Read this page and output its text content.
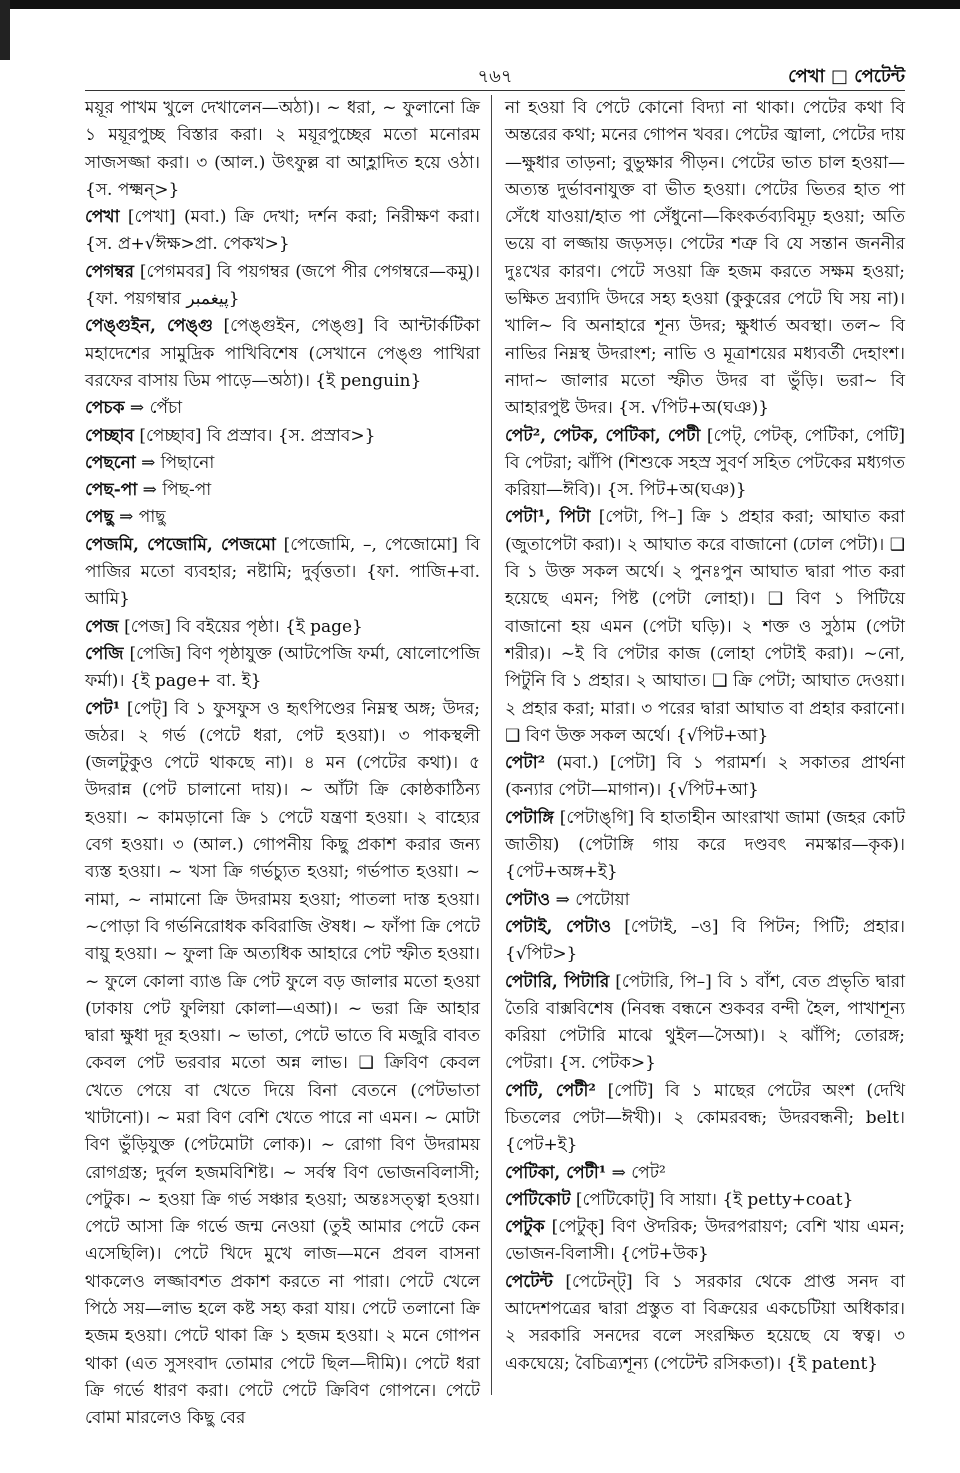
৭৬৭	পেখা □ পেটেন্ট

ময়ূর পাখম খুলে দেখালেন—অঠা)। ~ ধরা, ~ ফুলানো ক্রি ১ ময়ূরপুচ্ছ বিস্তার করা। ২ ময়ূরপুচ্ছের মতো মনোরম সাজসজ্জা করা। ৩ (আল.) উৎফুল্ল বা আহ্লাদিত হয়ে ওঠা। {স. পক্ষ্মন্>}

পেখা [পেখা] (মবা.) ক্রি দেখা; দর্শন করা; নিরীক্ষণ করা। {স. প্র+√ঈক্ষ>প্রা. পেকখ>}

পেগম্বর [পেগমবর] বি পয়গম্বর (জপে পীর পেগম্বরে—কমু)। {ফা. পয়গম্বার پیغمبر}

পেঙ্গুইন, পেঙ্গু [পেঙ্‌গুইন, পেঙ্‌গু] বি আন্টার্কটিকা মহাদেশের সামুদ্রিক পাখিবিশেষ (সেখানে পেঙ্গু পাখিরা বরফের বাসায় ডিম পাড়ে—অঠা)। {ই penguin}

পেচক ⇒ পেঁচা

পেচ্ছাব [পেচ্ছাব] বি প্রস্রাব। {স. প্রস্রাব>}

পেছনো ⇒ পিছানো

পেছ-পা ⇒ পিছ-পা

পেছু ⇒ পাছু

পেজমি, পেজোমি, পেজমো [পেজোমি, –, পেজোমো] বি পাজির মতো ব্যবহার; নষ্টামি; দুর্বৃত্ততা। {ফা. পাজি+বা. আমি}

পেজ [পেজ] বি বইয়ের পৃষ্ঠা। {ই page}

পেজি [পেজি] বিণ পৃষ্ঠাযুক্ত (আটপেজি ফর্মা, ষোলোপেজি ফর্মা)। {ই page+ বা. ই}

পেট¹ [পেট্] বি ১ ফুসফুস ও হৃৎপিণ্ডের নিম্নস্থ অঙ্গ; উদর; জঠর। ২ গর্ভ (পেটে ধরা, পেট হওয়া)। ৩ পাকস্থলী (জলটুকুও পেটে থাকছে না)। ৪ মন (পেটের কথা)। ৫ উদরান্ন (পেট চালানো দায়)। ~ আঁটা ক্রি কোষ্ঠকাঠিন্য হওয়া। ~ কামড়ানো ক্রি ১ পেটে যন্ত্রণা হওয়া। ২ বাহ্যের বেগ হওয়া। ৩ (আল.) গোপনীয় কিছু প্রকাশ করার জন্য ব্যস্ত হওয়া। ~ খসা ক্রি গর্ভচ্যুত হওয়া; গর্ভপাত হওয়া। ~ নামা, ~ নামানো ক্রি উদরাময় হওয়া; পাতলা দাস্ত হওয়া। ~পোড়া বি গর্ভনিরোধক কবিরাজি ঔষধ। ~ ফাঁপা ক্রি পেটে বায়ু হওয়া। ~ ফুলা ক্রি অত্যধিক আহারে পেট স্ফীত হওয়া। ~ ফুলে কোলা ব্যাঙ ক্রি পেট ফুলে বড় জালার মতো হওয়া (ঢাকায় পেট ফুলিয়া কোলা—এআ)। ~ ভরা ক্রি আহার দ্বারা ক্ষুধা দূর হওয়া। ~ ভাতা, পেটে ভাতে বি মজুরি বাবত কেবল পেট ভরবার মতো অন্ন লাভ। ❑ ক্রিবিণ কেবল খেতে পেয়ে বা খেতে দিয়ে বিনা বেতনে (পেটভাতা খাটানো)। ~ মরা বিণ বেশি খেতে পারে না এমন। ~ মোটা বিণ ভুঁড়িযুক্ত (পেটমোটা লোক)। ~ রোগা বিণ উদরাময় রোগগ্রস্ত; দুর্বল হজমবিশিষ্ট। ~ সর্বস্ব বিণ ভোজনবিলাসী; পেটুক। ~ হওয়া ক্রি গর্ভ সঞ্চার হওয়া; অন্তঃসত্ত্বা হওয়া। পেটে আসা ক্রি গর্ভে জন্ম নেওয়া (তুই আমার পেটে কেন এসেছিলি)। পেটে খিদে মুখে লাজ—মনে প্রবল বাসনা থাকলেও লজ্জাবশত প্রকাশ করতে না পারা। পেটে খেলে পিঠে সয়—লাভ হলে কষ্ট সহ্য করা যায়। পেটে তলানো ক্রি হজম হওয়া। পেটে থাকা ক্রি ১ হজম হওয়া। ২ মনে গোপন থাকা (এত সুসংবাদ তোমার পেটে ছিল—দীমি)। পেটে ধরা ক্রি গর্ভে ধারণ করা। পেটে পেটে ক্রিবিণ গোপনে। পেটে বোমা মারলেও কিছু বের

না হওয়া বি পেটে কোনো বিদ্যা না থাকা। পেটের কথা বি অন্তরের কথা; মনের গোপন খবর। পেটের জ্বালা, পেটের দায়—ক্ষুধার তাড়না; বুভুক্ষার পীড়ন। পেটের ভাত চাল হওয়া—অত্যন্ত দুর্ভাবনাযুক্ত বা ভীত হওয়া। পেটের ভিতর হাত পা সেঁধে যাওয়া/হাত পা সেঁধুনো—কিংকর্তব্যবিমূঢ় হওয়া; অতি ভয়ে বা লজ্জায় জড়সড়। পেটের শত্রু বি যে সন্তান জননীর দুঃখের কারণ। পেটে সওয়া ক্রি হজম করতে সক্ষম হওয়া; ভক্ষিত দ্রব্যাদি উদরে সহ্য হওয়া (কুকুরের পেটে ঘি সয় না)। খালি~ বি অনাহারে শূন্য উদর; ক্ষুধার্ত অবস্থা। তল~ বি নাভির নিম্নস্থ উদরাংশ; নাভি ও মূত্রাশয়ের মধ্যবর্তী দেহাংশ। নাদা~ জালার মতো স্ফীত উদর বা ভুঁড়ি। ভরা~ বি আহারপুষ্ট উদর। {স. √পিট+অ(ঘঞ)}

পেট², পেটক, পেটিকা, পেটী [পেট্, পেটক্, পেটিকা, পেটি] বি পেটরা; ঝাঁপি (শিশুকে সহস্র সুবর্ণ সহিত পেটকের মধ্যগত করিয়া—ঈবি)। {স. পিট+অ(ঘঞ)}

পেটা¹, পিটা [পেটা, পি–] ক্রি ১ প্রহার করা; আঘাত করা (জুতাপেটা করা)। ২ আঘাত করে বাজানো (ঢোল পেটা)। ❑ বি ১ উক্ত সকল অর্থে। ২ পুনঃপুন আঘাত দ্বারা পাত করা হয়েছে এমন; পিষ্ট (পেটা লোহা)। ❑ বিণ ১ পিটিয়ে বাজানো হয় এমন (পেটা ঘড়ি)। ২ শক্ত ও সুঠাম (পেটা শরীর)। ~ই বি পেটার কাজ (লোহা পেটাই করা)। ~নো, পিটুনি বি ১ প্রহার। ২ আঘাত। ❑ ক্রি পেটা; আঘাত দেওয়া। ২ প্রহার করা; মারা। ৩ পরের দ্বারা আঘাত বা প্রহার করানো। ❑ বিণ উক্ত সকল অর্থে। {√পিট+আ}

পেটা² (মবা.) [পেটা] বি ১ পরামর্শ। ২ সকাতর প্রার্থনা (কন্যার পেটা—মাগান)। {√পিট+আ}

পেটাঙ্গি [পেটাঙ্‌গি] বি হাতাহীন আংরাখা জামা (জহর কোট জাতীয়) (পেটাঙ্গি গায় করে দণ্ডবৎ নমস্কার—কৃক)। {পেট+অঙ্গ+ই}

পেটাও ⇒ পেটোয়া

পেটাই, পেটাও [পেটাই, –ও] বি পিটন; পিটি; প্রহার। {√পিট>}

পেটারি, পিটারি [পেটারি, পি–] বি ১ বাঁশ, বেত প্রভৃতি দ্বারা তৈরি বাক্সবিশেষ (নিবন্ধ বন্ধনে শুকবর বন্দী হৈল, পাখাশূন্য করিয়া পেটারি মাঝে থুইল—সৈআ)। ২ ঝাঁপি; তোরঙ্গ; পেটরা। {স. পেটক>}

পেটি, পেটী² [পেটি] বি ১ মাছের পেটের অংশ (দেখি চিতলের পেটা—ঈখী)। ২ কোমরবন্ধ; উদরবন্ধনী; belt। {পেট+ই}

পেটিকা, পেটী¹ ⇒ পেট²

পেটিকোট [পেটিকোট্] বি সায়া। {ই petty+coat}

পেটুক [পেটুক্] বিণ ঔদরিক; উদরপরায়ণ; বেশি খায় এমন; ভোজন-বিলাসী। {পেট+উক}

পেটেন্ট [পেটেন্ট্] বি ১ সরকার থেকে প্রাপ্ত সনদ বা আদেশপত্রের দ্বারা প্রস্তুত বা বিক্রয়ের একচেটিয়া অধিকার। ২ সরকারি সনদের বলে সংরক্ষিত হয়েছে যে স্বত্ব। ৩ একঘেয়ে; বৈচিত্র্যশূন্য (পেটেন্ট রসিকতা)। {ই patent}
